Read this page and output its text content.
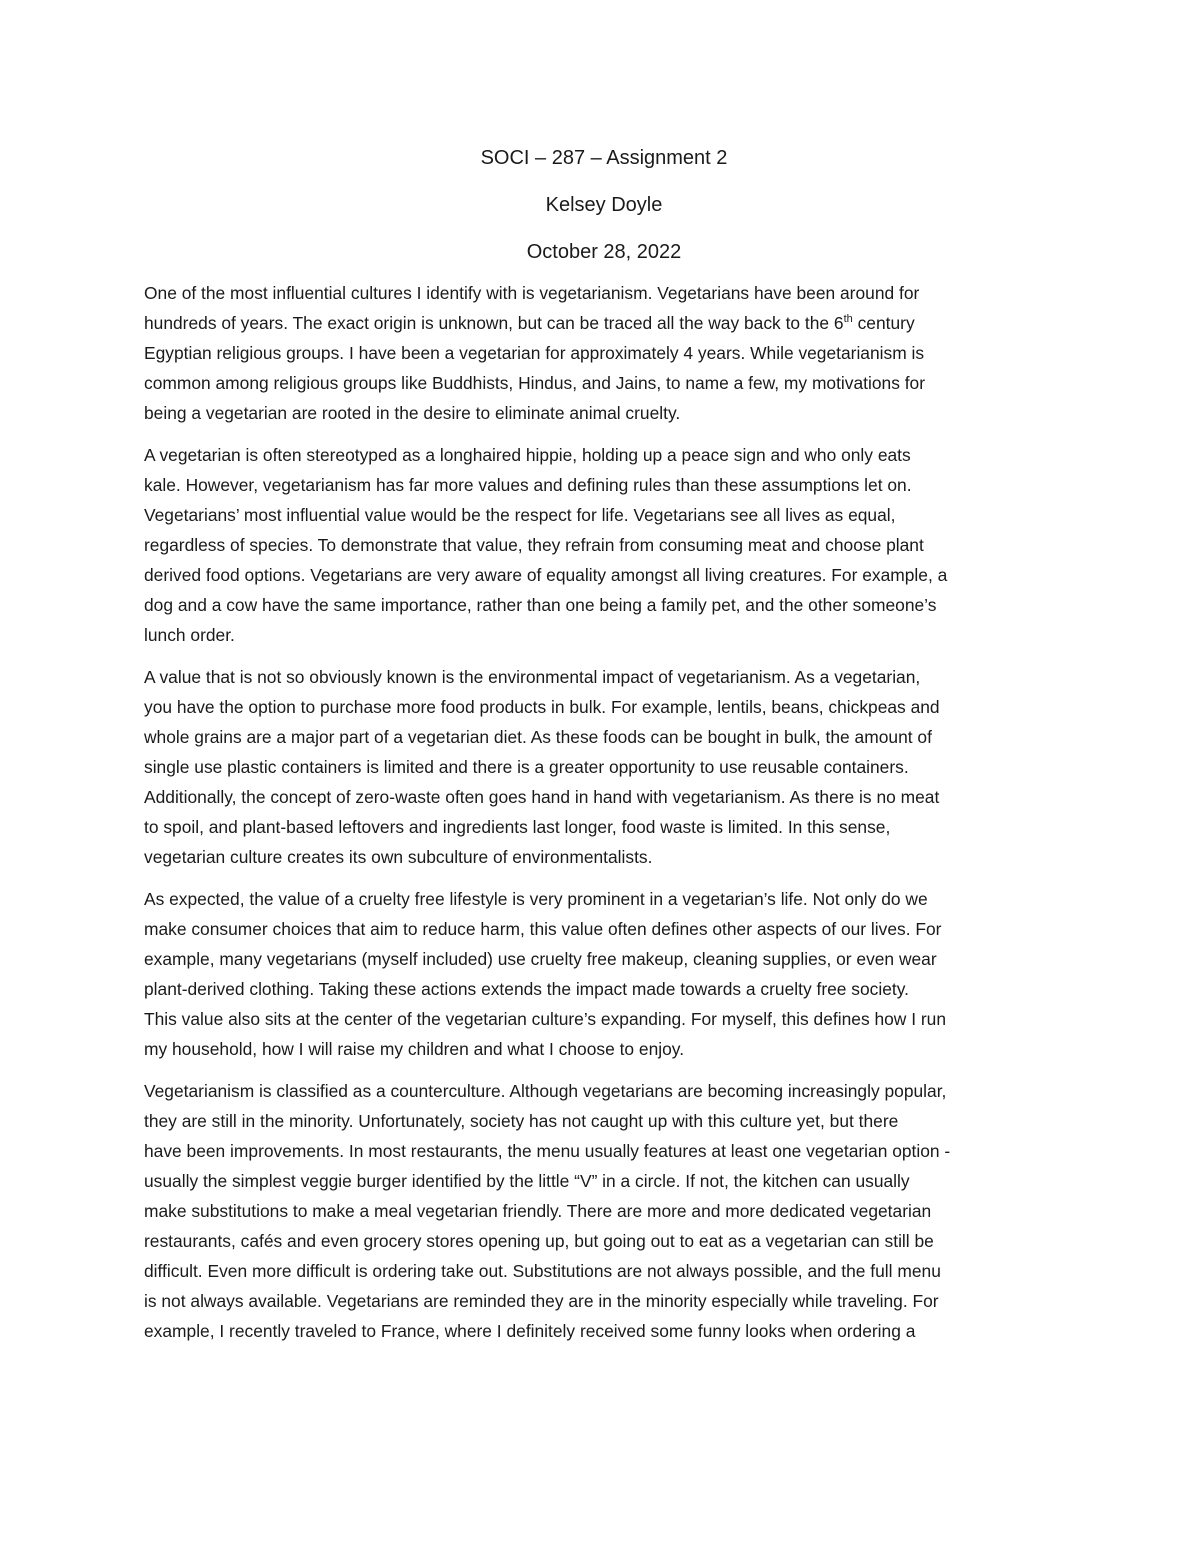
SOCI – 287 – Assignment 2
Kelsey Doyle
October 28, 2022

One of the most influential cultures I identify with is vegetarianism. Vegetarians have been around for
hundreds of years. The exact origin is unknown, but can be traced all the way back to the 6th century
Egyptian religious groups. I have been a vegetarian for approximately 4 years. While vegetarianism is
common among religious groups like Buddhists, Hindus, and Jains, to name a few, my motivations for
being a vegetarian are rooted in the desire to eliminate animal cruelty.

A vegetarian is often stereotyped as a longhaired hippie, holding up a peace sign and who only eats
kale. However, vegetarianism has far more values and defining rules than these assumptions let on.
Vegetarians’ most influential value would be the respect for life. Vegetarians see all lives as equal,
regardless of species. To demonstrate that value, they refrain from consuming meat and choose plant
derived food options. Vegetarians are very aware of equality amongst all living creatures. For example, a
dog and a cow have the same importance, rather than one being a family pet, and the other someone’s
lunch order.

A value that is not so obviously known is the environmental impact of vegetarianism. As a vegetarian,
you have the option to purchase more food products in bulk. For example, lentils, beans, chickpeas and
whole grains are a major part of a vegetarian diet. As these foods can be bought in bulk, the amount of
single use plastic containers is limited and there is a greater opportunity to use reusable containers.
Additionally, the concept of zero-waste often goes hand in hand with vegetarianism. As there is no meat
to spoil, and plant-based leftovers and ingredients last longer, food waste is limited. In this sense,
vegetarian culture creates its own subculture of environmentalists.

As expected, the value of a cruelty free lifestyle is very prominent in a vegetarian’s life. Not only do we
make consumer choices that aim to reduce harm, this value often defines other aspects of our lives. For
example, many vegetarians (myself included) use cruelty free makeup, cleaning supplies, or even wear
plant-derived clothing. Taking these actions extends the impact made towards a cruelty free society.
This value also sits at the center of the vegetarian culture’s expanding. For myself, this defines how I run
my household, how I will raise my children and what I choose to enjoy.

Vegetarianism is classified as a counterculture. Although vegetarians are becoming increasingly popular,
they are still in the minority. Unfortunately, society has not caught up with this culture yet, but there
have been improvements. In most restaurants, the menu usually features at least one vegetarian option -
usually the simplest veggie burger identified by the little “V” in a circle. If not, the kitchen can usually
make substitutions to make a meal vegetarian friendly. There are more and more dedicated vegetarian
restaurants, cafés and even grocery stores opening up, but going out to eat as a vegetarian can still be
difficult. Even more difficult is ordering take out. Substitutions are not always possible, and the full menu
is not always available. Vegetarians are reminded they are in the minority especially while traveling. For
example, I recently traveled to France, where I definitely received some funny looks when ordering a
